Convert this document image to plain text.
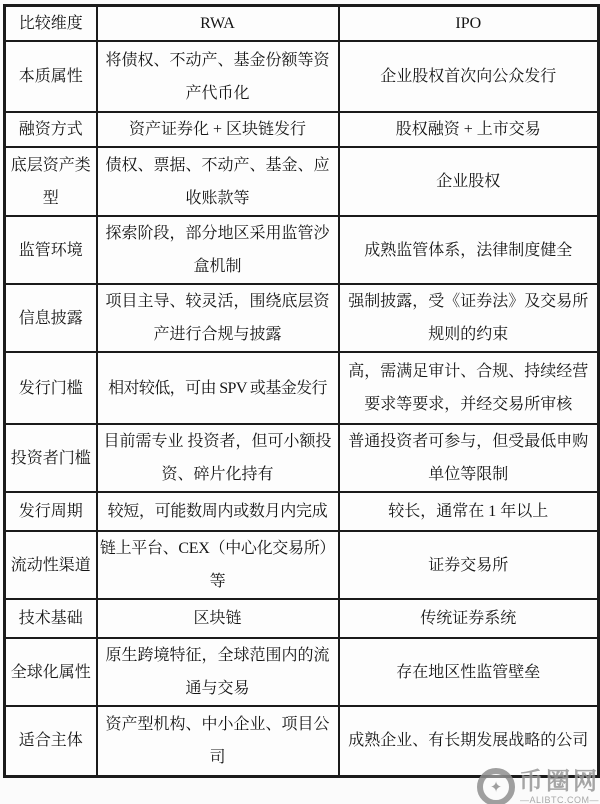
比较维度	RWA	IPO
本质属性	将债权、不动产、基金份额等资产代币化	企业股权首次向公众发行
融资方式	资产证券化 + 区块链发行	股权融资 + 上市交易
底层资产类型	债权、票据、不动产、基金、应收账款等	企业股权
监管环境	探索阶段，部分地区采用监管沙盒机制	成熟监管体系，法律制度健全
信息披露	项目主导、较灵活，围绕底层资产进行合规与披露	强制披露，受《证券法》及交易所规则的约束
发行门槛	相对较低，可由 SPV 或基金发行	高，需满足审计、合规、持续经营要求等要求，并经交易所审核
投资者门槛	目前需专业 投资者，但可小额投资、碎片化持有	普通投资者可参与，但受最低申购单位等限制
发行周期	较短，可能数周内或数月内完成	较长，通常在 1 年以上
流动性渠道	链上平台、CEX（中心化交易所）等	证券交易所
技术基础	区块链	传统证券系统
全球化属性	原生跨境特征，全球范围内的流通与交易	存在地区性监管壁垒
适合主体	资产型机构、中小企业、项目公司	成熟企业、有长期发展战略的公司
✦ 币圈网
— ALIBTC.COM —
